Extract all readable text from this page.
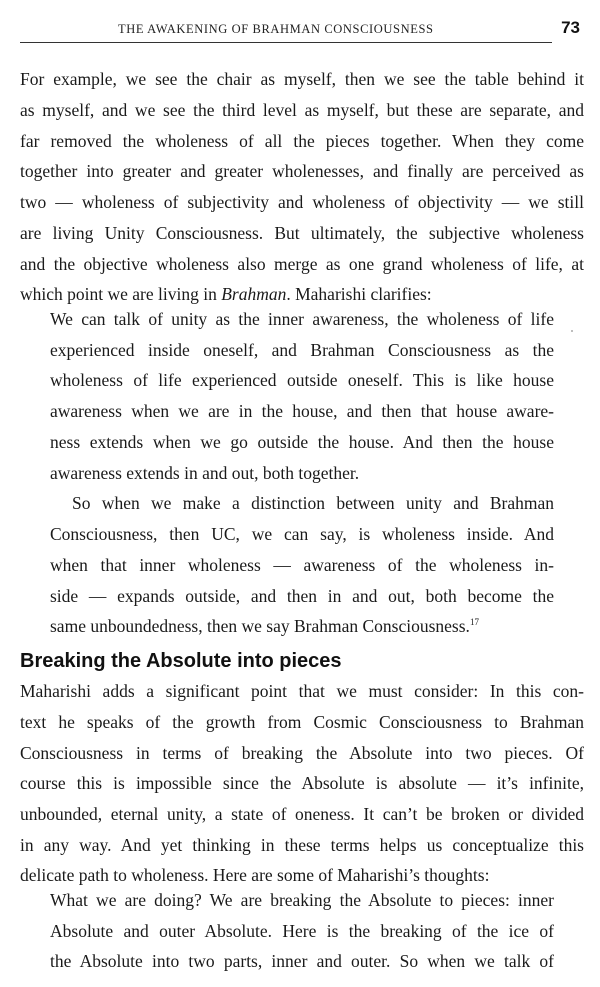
THE AWAKENING OF BRAHMAN CONSCIOUSNESS	73
For example, we see the chair as myself, then we see the table behind it
as myself, and we see the third level as myself, but these are separate, and
far removed the wholeness of all the pieces together. When they come
together into greater and greater wholenesses, and finally are perceived as
two — wholeness of subjectivity and wholeness of objectivity — we still
are living Unity Consciousness. But ultimately, the subjective wholeness
and the objective wholeness also merge as one grand wholeness of life, at
which point we are living in Brahman. Maharishi clarifies:
We can talk of unity as the inner awareness, the wholeness of life
experienced inside oneself, and Brahman Consciousness as the
wholeness of life experienced outside oneself. This is like house
awareness when we are in the house, and then that house aware-
ness extends when we go outside the house. And then the house
awareness extends in and out, both together.
So when we make a distinction between unity and Brahman
Consciousness, then UC, we can say, is wholeness inside. And
when that inner wholeness — awareness of the wholeness in-
side — expands outside, and then in and out, both become the
same unboundedness, then we say Brahman Consciousness.$^{17}$
Breaking the Absolute into pieces
Maharishi adds a significant point that we must consider: In this con-
text he speaks of the growth from Cosmic Consciousness to Brahman
Consciousness in terms of breaking the Absolute into two pieces. Of
course this is impossible since the Absolute is absolute — it’s infinite,
unbounded, eternal unity, a state of oneness. It can’t be broken or divided
in any way. And yet thinking in these terms helps us conceptualize this
delicate path to wholeness. Here are some of Maharishi’s thoughts:
What we are doing? We are breaking the Absolute to pieces: inner
Absolute and outer Absolute. Here is the breaking of the ice of
the Absolute into two parts, inner and outer. So when we talk of
